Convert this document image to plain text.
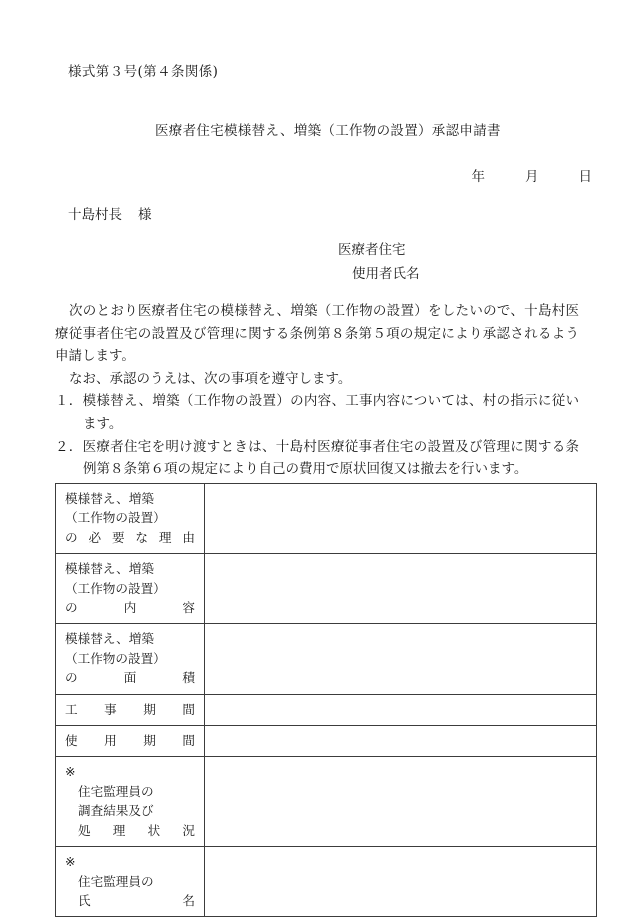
様式第３号(第４条関係)
医療者住宅模様替え、増築（工作物の設置）承認申請書
年	月	日
十島村長 様
医療者住宅
使用者氏名

次のとおり医療者住宅の模様替え、増築（工作物の設置）をしたいので、十島村医療従事者住宅の設置及び管理に関する条例第８条第５項の規定により承認されるよう申請します。

なお、承認のうえは、次の事項を遵守します。

１．模様替え、増築（工作物の設置）の内容、工事内容については、村の指示に従います。

２．医療者住宅を明け渡すときは、十島村医療従事者住宅の設置及び管理に関する条例第８条第６項の規定により自己の費用で原状回復又は撤去を行います。

模様替え、増築
（工作物の設置）
の 必 要 な 理 由

模様替え、増築
（工作物の設置）
の 内 容	

模様替え、増築
（工作物の設置）
の 面 積	

工 事 期 間	

使 用 期 間	

※
住宅監理員の
調査結果及び
処 理 状 況

※
住宅監理員の
氏 名	
